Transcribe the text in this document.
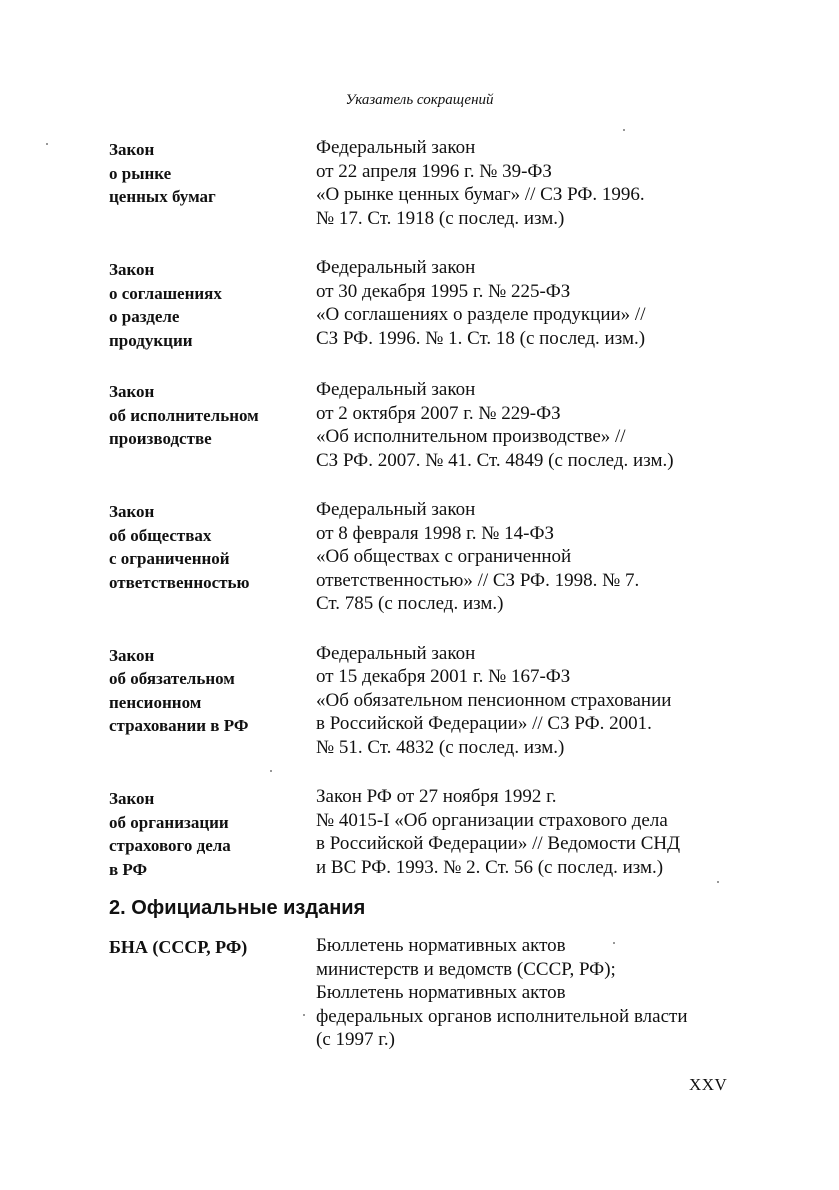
Указатель сокращений
Закон
о рынке
ценных бумаг
Федеральный закон
от 22 апреля 1996 г. № 39-ФЗ
«О рынке ценных бумаг» // СЗ РФ. 1996.
№ 17. Ст. 1918 (с послед. изм.)
Закон
о соглашениях
о разделе
продукции
Федеральный закон
от 30 декабря 1995 г. № 225-ФЗ
«О соглашениях о разделе продукции» //
СЗ РФ. 1996. № 1. Ст. 18 (с послед. изм.)
Закон
об исполнительном
производстве
Федеральный закон
от 2 октября 2007 г. № 229-ФЗ
«Об исполнительном производстве» //
СЗ РФ. 2007. № 41. Ст. 4849 (с послед. изм.)
Закон
об обществах
с ограниченной
ответственностью
Федеральный закон
от 8 февраля 1998 г. № 14-ФЗ
«Об обществах с ограниченной
ответственностью» // СЗ РФ. 1998. № 7.
Ст. 785 (с послед. изм.)
Закон
об обязательном
пенсионном
страховании в РФ
Федеральный закон
от 15 декабря 2001 г. № 167-ФЗ
«Об обязательном пенсионном страховании
в Российской Федерации» // СЗ РФ. 2001.
№ 51. Ст. 4832 (с послед. изм.)
Закон
об организации
страхового дела
в РФ
Закон РФ от 27 ноября 1992 г.
№ 4015-I «Об организации страхового дела
в Российской Федерации» // Ведомости СНД
и ВС РФ. 1993. № 2. Ст. 56 (с послед. изм.)
2. Официальные издания
БНА (СССР, РФ)	Бюллетень нормативных актов
министерств и ведомств (СССР, РФ);
Бюллетень нормативных актов
федеральных органов исполнительной власти
(с 1997 г.)
XXV
